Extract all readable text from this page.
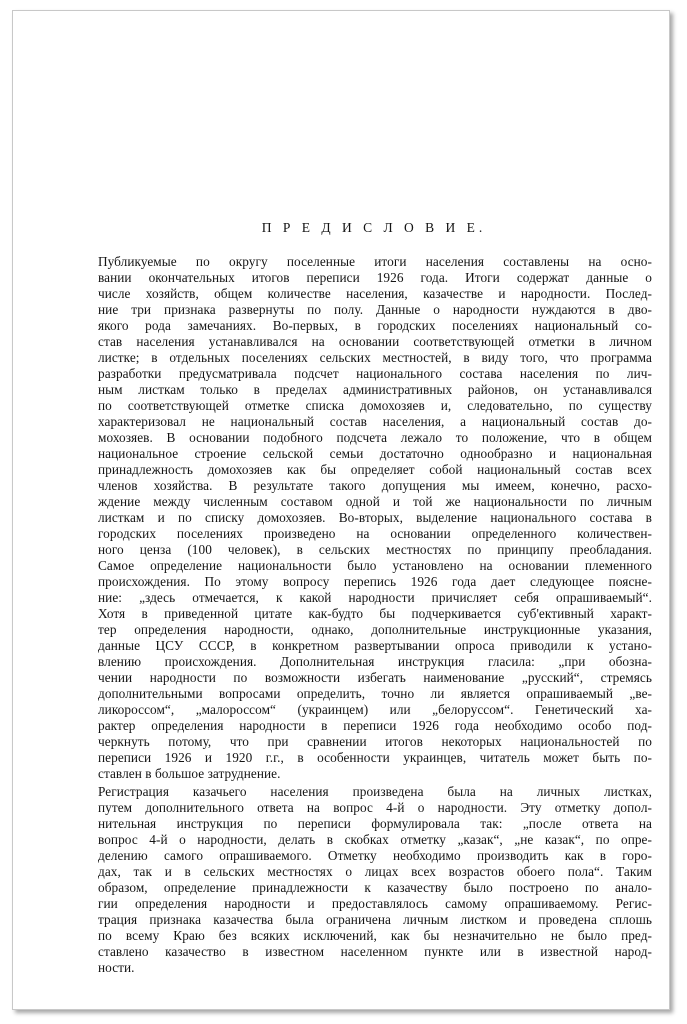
П Р Е Д И С Л О В И Е.
Публикуемые по округу поселенные итоги населения составлены на осно-
вании окончательных итогов переписи 1926 года. Итоги содержат данные о
числе хозяйств, общем количестве населения, казачестве и народности. Послед-
ние три признака развернуты по полу. Данные о народности нуждаются в дво-
якого рода замечаниях. Во-первых, в городских поселениях национальный со-
став населения устанавливался на основании соответствующей отметки в личном
листке; в отдельных поселениях сельских местностей, в виду того, что программа
разработки предусматривала подсчет национального состава населения по лич-
ным листкам только в пределах административных районов, он устанавливался
по соответствующей отметке списка домохозяев и, следовательно, по существу
характеризовал не национальный состав населения, а национальный состав до-
мохозяев. В основании подобного подсчета лежало то положение, что в общем
национальное строение сельской семьи достаточно однообразно и национальная
принадлежность домохозяев как бы определяет собой национальный состав всех
членов хозяйства. В результате такого допущения мы имеем, конечно, расхо-
ждение между численным составом одной и той же национальности по личным
листкам и по списку домохозяев. Во-вторых, выделение национального состава в
городских поселениях произведено на основании определенного количествен-
ного ценза (100 человек), в сельских местностях по принципу преобладания.
Самое определение национальности было установлено на основании племенного
происхождения. По этому вопросу перепись 1926 года дает следующее поясне-
ние: „здесь отмечается, к какой народности причисляет себя опрашиваемый“.
Хотя в приведенной цитате как-будто бы подчеркивается суб'ективный характ-
тер определения народности, однако, дополнительные инструкционные указания,
данные ЦСУ СССР, в конкретном развертывании опроса приводили к устано-
влению происхождения. Дополнительная инструкция гласила: „при обозна-
чении народности по возможности избегать наименование „русский“, стремясь
дополнительными вопросами определить, точно ли является опрашиваемый „ве-
ликороссом“, „малороссом“ (украинцем) или „белоруссом“. Генетический ха-
рактер определения народности в переписи 1926 года необходимо особо под-
черкнуть потому, что при сравнении итогов некоторых национальностей по
переписи 1926 и 1920 г.г., в особенности украинцев, читатель может быть по-
ставлен в большое затруднение.
Регистрация казачьего населения произведена была на личных листках,
путем дополнительного ответа на вопрос 4-й о народности. Эту отметку допол-
нительная инструкция по переписи формулировала так: „после ответа на
вопрос 4-й о народности, делать в скобках отметку „казак“, „не казак“, по опре-
делению самого опрашиваемого. Отметку необходимо производить как в горо-
дах, так и в сельских местностях о лицах всех возрастов обоего пола“. Таким
образом, определение принадлежности к казачеству было построено по анало-
гии определения народности и предоставлялось самому опрашиваемому. Регис-
трация признака казачества была ограничена личным листком и проведена сплошь
по всему Краю без всяких исключений, как бы незначительно не было пред-
ставлено казачество в известном населенном пункте или в известной народ-
ности.
